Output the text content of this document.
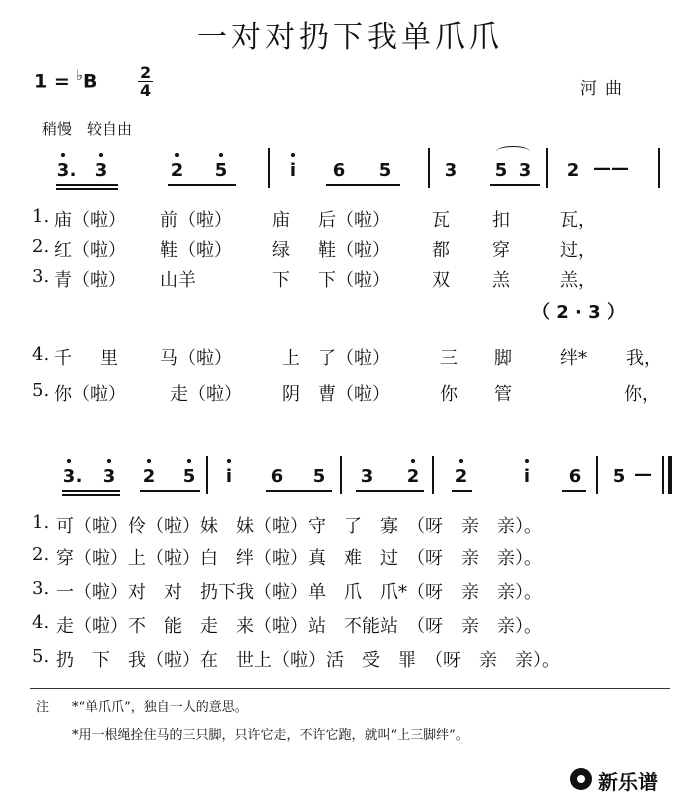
一对对扔下我单爪爪
1 = ♭B	$\frac{2}{4}$	河曲
稍慢　较自由
3 .	3	2	5	i	6	5	3	5 3	2 ——
1. 庙（啦） 前（啦） 庙 后（啦） 瓦 扣	瓦，
2. 红（啦） 鞋（啦） 绿 鞋（啦） 都 穿	过，
3. 青（啦） 山羊	下 下（啦） 双 羔	羔，
（ 2 · 3 ）
4. 千 里 马（啦）	上 了（啦）	三 脚	绊* 我，
5. 你（啦） 走（啦） 阴 曹（啦）	你 管	你，
3 .	3	2	5	i	6	5	3	2	2	i	6	5 —
1. 可（啦）伶（啦）妹　妹（啦）守　了　寡　（呀　亲　亲）。
2. 穿（啦）上（啦）白　绊（啦）真　难　过　（呀　亲　亲）。
3. 一（啦）对　对　扔下我（啦）单　爪　爪*（呀　亲　亲）。
4. 走（啦）不　能　走　来（啦）站　不能站　（呀　亲　亲）。
5. 扔　下　我（啦）在　世上（啦）活　受　罪　（呀　亲　亲）。
注 *“单爪爪”，独自一人的意思。
*用一根绳拴住马的三只脚，只许它走，不许它跑，就叫“上三脚绊”。
新乐谱
